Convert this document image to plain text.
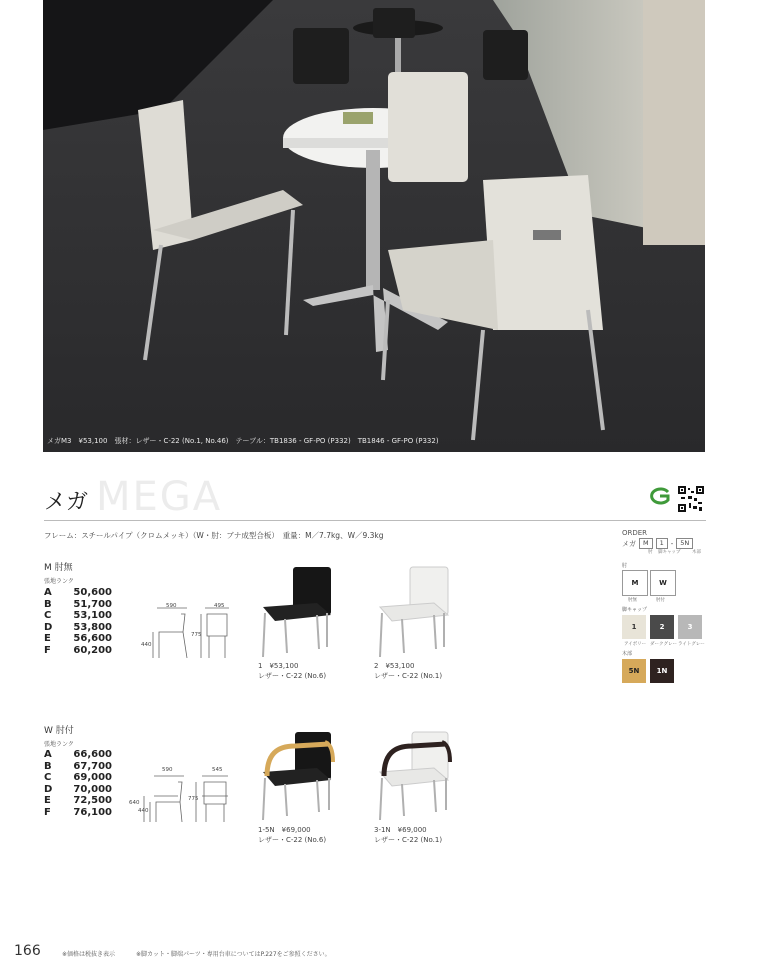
メガM3　¥53,100　張材：レザー・C-22 (No.1, No.46)　テーブル：TB1836 - GF-PO (P332)　TB1846 - GF-PO (P332)
MEGA
メガ
フレーム：スチールパイプ（クロムメッキ）（W・肘：ブナ成型合板）　重量：M／7.7kg、W／9.3kg
M 肘無
張地ランク
A	50,600
B	51,700
C	53,100
D	53,800
E	56,600
F	60,200
590	495
440
775
1　¥53,100
レザー・C-22 (No.6)
2　¥53,100
レザー・C-22 (No.1)
W 肘付
張地ランク
A	66,600
B	67,700
C	69,000
D	70,000
E	72,500
F	76,100
590	545
640
440
775
1-5N　¥69,000
レザー・C-22 (No.6)
3-1N　¥69,000
レザー・C-22 (No.1)
ORDER
メガ	M	1	-	5N
肘 脚キャップ	木部
肘
M	W
肘無	肘付
脚キャップ
1	2	3
アイボリー ダークグレー ライトグレー
木部
5N	1N
166	※価格は税抜き表示	※脚カット・脚端パーツ・専用台車についてはP.227をご参照ください。
